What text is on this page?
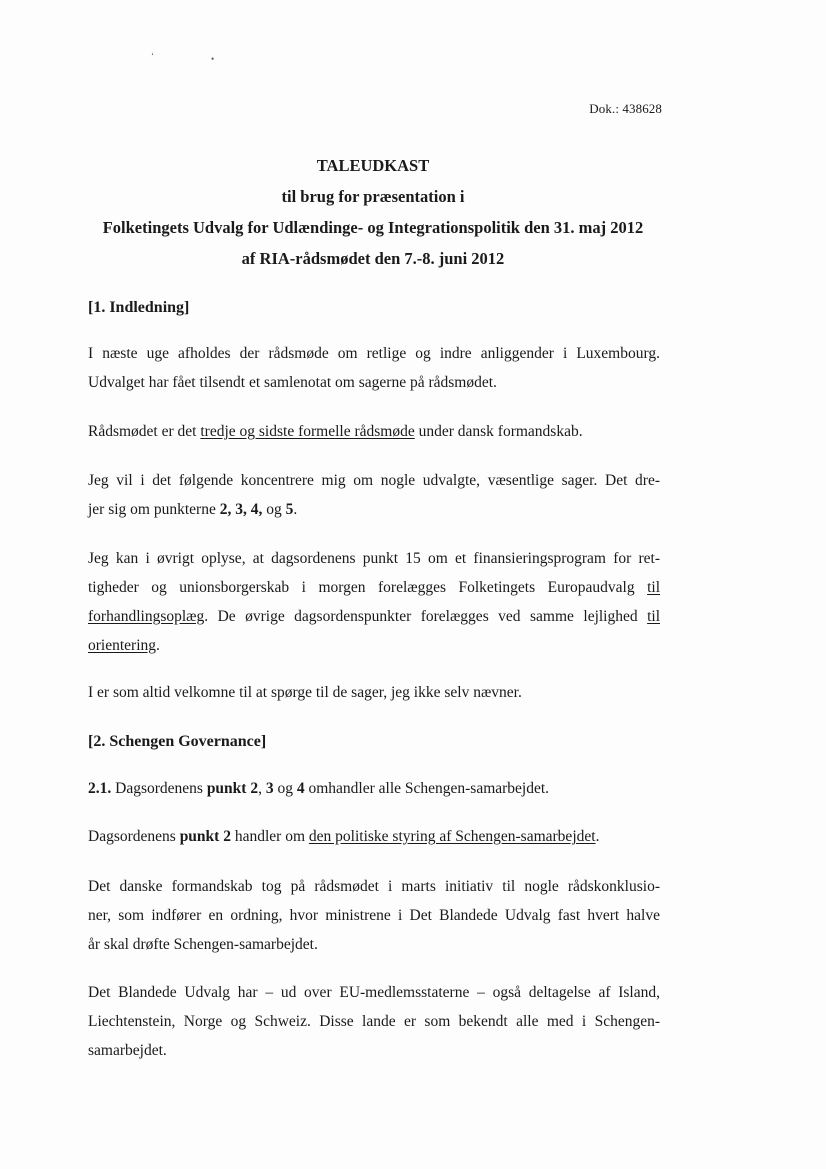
ʻ	•
Dok.: 438628
TALEUDKAST
til brug for præsentation i
Folketingets Udvalg for Udlændinge- og Integrationspolitik den 31. maj 2012
af RIA-rådsmødet den 7.-8. juni 2012
[1. Indledning]
I næste uge afholdes der rådsmøde om retlige og indre anliggender i Luxembourg.
Udvalget har fået tilsendt et samlenotat om sagerne på rådsmødet.
Rådsmødet er det tredje og sidste formelle rådsmøde under dansk formandskab.
Jeg vil i det følgende koncentrere mig om nogle udvalgte, væsentlige sager. Det dre-
jer sig om punkterne 2, 3, 4, og 5.
Jeg kan i øvrigt oplyse, at dagsordenens punkt 15 om et finansieringsprogram for ret-
tigheder og unionsborgerskab i morgen forelægges Folketingets Europaudvalg til
forhandlingsoplæg. De øvrige dagsordenspunkter forelægges ved samme lejlighed til
orientering.
I er som altid velkomne til at spørge til de sager, jeg ikke selv nævner.
[2. Schengen Governance]
2.1. Dagsordenens punkt 2, 3 og 4 omhandler alle Schengen-samarbejdet.
Dagsordenens punkt 2 handler om den politiske styring af Schengen-samarbejdet.
Det danske formandskab tog på rådsmødet i marts initiativ til nogle rådskonklusio-
ner, som indfører en ordning, hvor ministrene i Det Blandede Udvalg fast hvert halve
år skal drøfte Schengen-samarbejdet.
Det Blandede Udvalg har – ud over EU-medlemsstaterne – også deltagelse af Island,
Liechtenstein, Norge og Schweiz. Disse lande er som bekendt alle med i Schengen-
samarbejdet.
